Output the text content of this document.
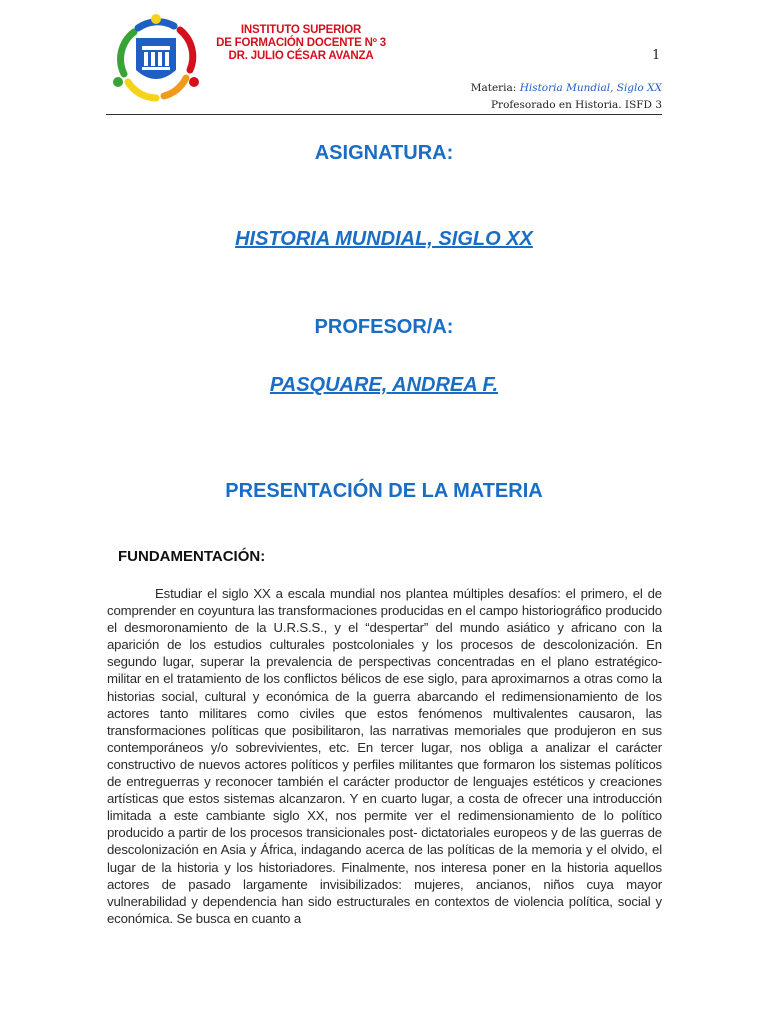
INSTITUTO SUPERIOR
DE FORMACIÓN DOCENTE Nº 3
DR. JULIO CÉSAR AVANZA	1
Materia: Historia Mundial, Siglo XX
Profesorado en Historia. ISFD 3
ASIGNATURA:
HISTORIA MUNDIAL, SIGLO XX
PROFESOR/A:
PASQUARE, ANDREA F.
PRESENTACIÓN DE LA MATERIA
FUNDAMENTACIÓN:
Estudiar el siglo XX a escala mundial nos plantea múltiples desafíos: el primero, el de comprender en coyuntura las transformaciones producidas en el campo historiográfico producido el desmoronamiento de la U.R.S.S., y el “despertar” del mundo asiático y africano con la aparición de los estudios culturales postcoloniales y los procesos de descolonización. En segundo lugar, superar la prevalencia de perspectivas concentradas en el plano estratégico- militar en el tratamiento de los conflictos bélicos de ese siglo, para aproximarnos a otras como la historias social, cultural y económica de la guerra abarcando el redimensionamiento de los actores tanto militares como civiles que estos fenómenos multivalentes causaron, las transformaciones políticas que posibilitaron, las narrativas memoriales que produjeron en sus contemporáneos y/o sobrevivientes, etc. En tercer lugar, nos obliga a analizar el carácter constructivo de nuevos actores políticos y perfiles militantes que formaron los sistemas políticos de entreguerras y reconocer también el carácter productor de lenguajes estéticos y creaciones artísticas que estos sistemas alcanzaron. Y en cuarto lugar, a costa de ofrecer una introducción limitada a este cambiante siglo XX, nos permite ver el redimensionamiento de lo político producido a partir de los procesos transicionales post- dictatoriales europeos y de las guerras de descolonización en Asia y África, indagando acerca de las políticas de la memoria y el olvido, el lugar de la historia y los historiadores. Finalmente, nos interesa poner en la historia aquellos actores de pasado largamente invisibilizados: mujeres, ancianos, niños cuya mayor vulnerabilidad y dependencia han sido estructurales en contextos de violencia política, social y económica. Se busca en cuanto a
